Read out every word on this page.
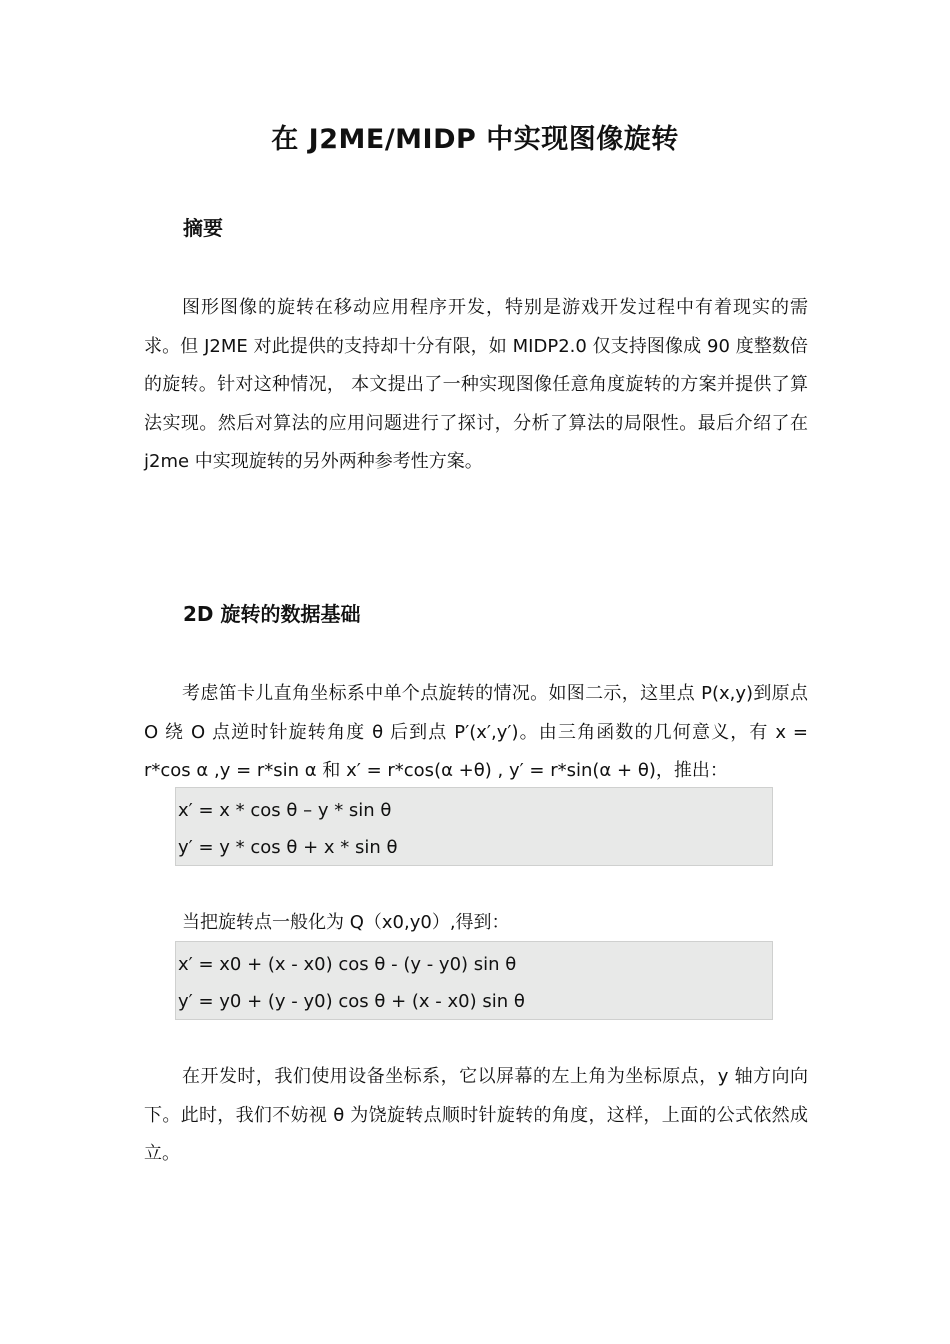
在 J2ME/MIDP 中实现图像旋转
摘要

图形图像的旋转在移动应用程序开发，特别是游戏开发过程中有着现实的需求。但 J2ME 对此提供的支持却十分有限，如 MIDP2.0 仅支持图像成 90 度整数倍的旋转。针对这种情况， 本文提出了一种实现图像任意角度旋转的方案并提供了算法实现。然后对算法的应用问题进行了探讨，分析了算法的局限性。最后介绍了在 j2me 中实现旋转的另外两种参考性方案。

2D 旋转的数据基础

考虑笛卡儿直角坐标系中单个点旋转的情况。如图二示，这里点 P(x,y)到原点 O 绕 O 点逆时针旋转角度 θ 后到点 P′(x′,y′)。由三角函数的几何意义，有 x = r*cos α ,y = r*sin α 和 x′ = r*cos(α +θ) , y′ = r*sin(α + θ)，推出：

x′ = x * cos θ – y * sin θ
y′ = y * cos θ + x * sin θ

当把旋转点一般化为 Q（x0,y0）,得到：

x′ = x0 + (x - x0) cos θ - (y - y0) sin θ
y′ = y0 + (y - y0) cos θ + (x - x0) sin θ

在开发时，我们使用设备坐标系，它以屏幕的左上角为坐标原点，y 轴方向向下。此时，我们不妨视 θ 为饶旋转点顺时针旋转的角度，这样，上面的公式依然成立。
